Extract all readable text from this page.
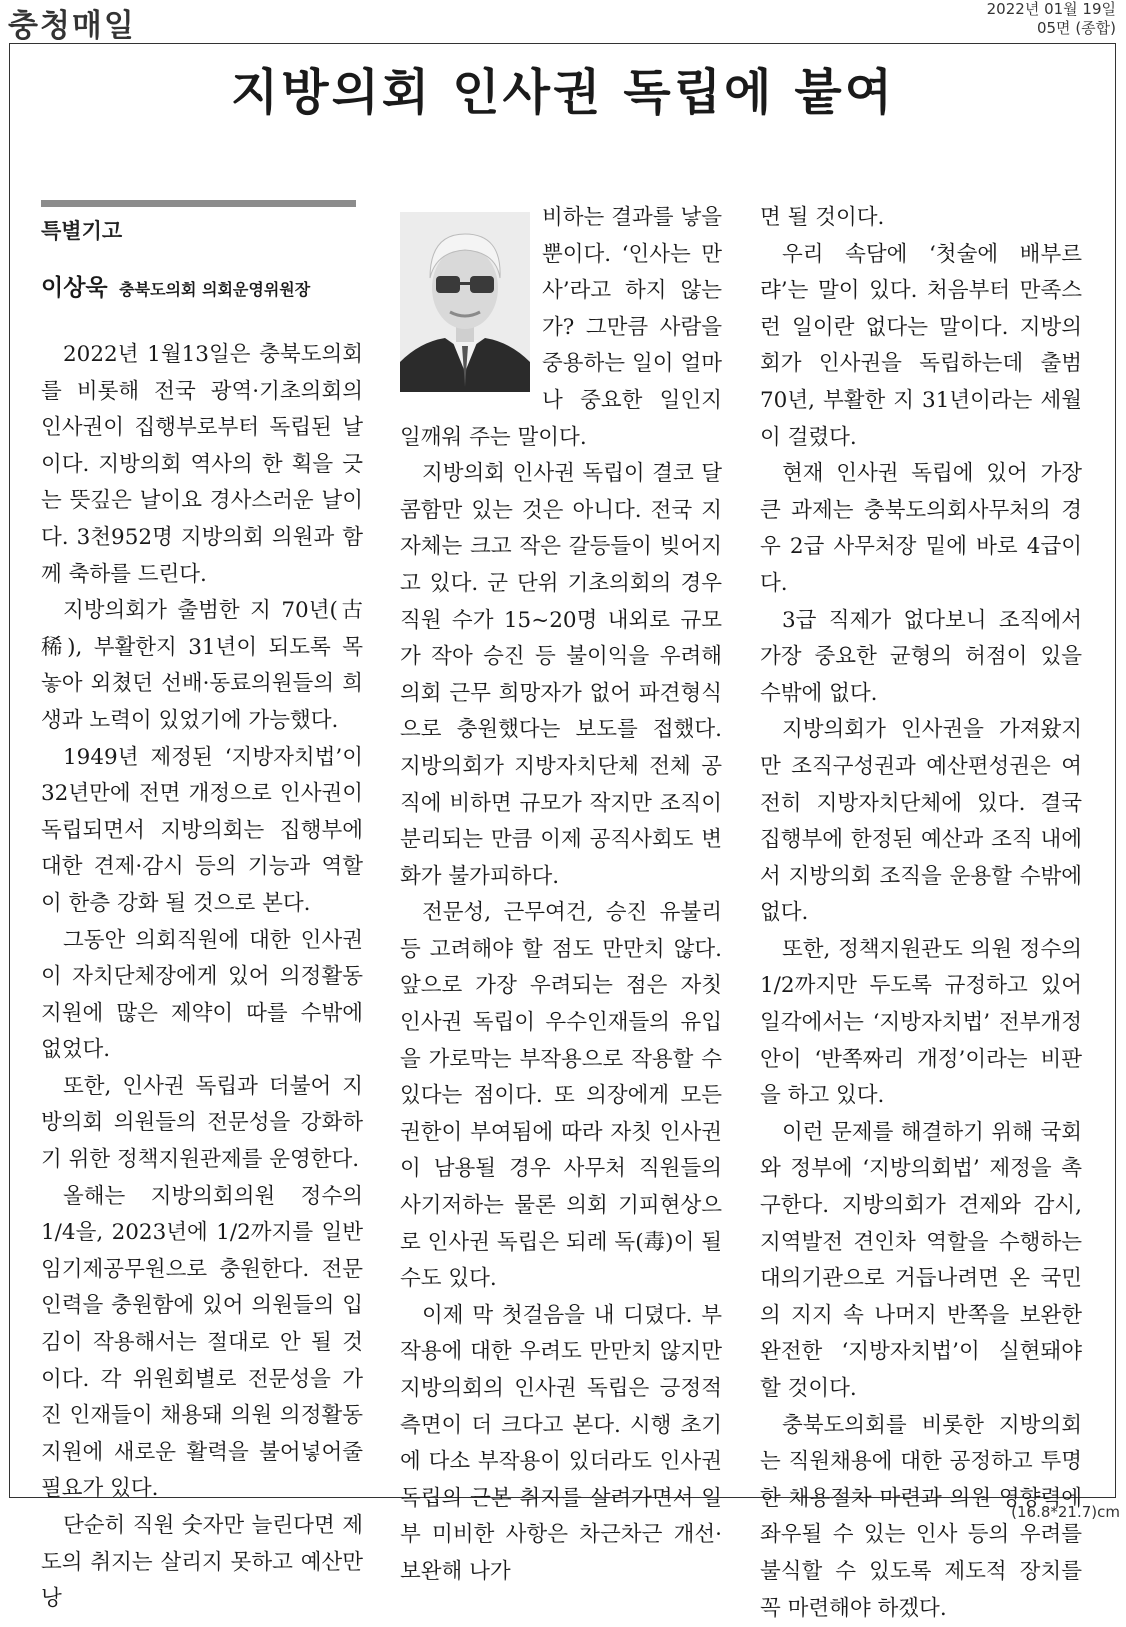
충청매일	2022년 01월 19일
05면 (종합)
지방의회 인사권 독립에 붙여
특별기고
이상욱 충북도의회 의회운영위원장

2022년 1월13일은 충북도의회를 비롯해 전국 광역·기초의회의 인사권이 집행부로부터 독립된 날이다. 지방의회 역사의 한 획을 긋는 뜻깊은 날이요 경사스러운 날이다. 3천952명 지방의회 의원과 함께 축하를 드린다.

지방의회가 출범한 지 70년(古稀), 부활한지 31년이 되도록 목 놓아 외쳤던 선배·동료의원들의 희생과 노력이 있었기에 가능했다.

1949년 제정된 ‘지방자치법’이 32년만에 전면 개정으로 인사권이 독립되면서 지방의회는 집행부에 대한 견제·감시 등의 기능과 역할이 한층 강화 될 것으로 본다.

그동안 의회직원에 대한 인사권이 자치단체장에게 있어 의정활동 지원에 많은 제약이 따를 수밖에 없었다.

또한, 인사권 독립과 더불어 지방의회 의원들의 전문성을 강화하기 위한 정책지원관제를 운영한다.

올해는 지방의회의원 정수의 1/4을, 2023년에 1/2까지를 일반 임기제공무원으로 충원한다. 전문인력을 충원함에 있어 의원들의 입김이 작용해서는 절대로 안 될 것이다. 각 위원회별로 전문성을 가진 인재들이 채용돼 의원 의정활동 지원에 새로운 활력을 불어넣어줄 필요가 있다.

단순히 직원 숫자만 늘린다면 제도의 취지는 살리지 못하고 예산만 낭

비하는 결과를 낳을 뿐이다. ‘인사는 만사’라고 하지 않는가? 그만큼 사람을 중용하는 일이 얼마나 중요한 일인지 일깨워 주는 말이다.

지방의회 인사권 독립이 결코 달콤함만 있는 것은 아니다. 전국 지자체는 크고 작은 갈등들이 빚어지고 있다. 군 단위 기초의회의 경우 직원 수가 15~20명 내외로 규모가 작아 승진 등 불이익을 우려해 의회 근무 희망자가 없어 파견형식으로 충원했다는 보도를 접했다. 지방의회가 지방자치단체 전체 공직에 비하면 규모가 작지만 조직이 분리되는 만큼 이제 공직사회도 변화가 불가피하다.

전문성, 근무여건, 승진 유불리 등 고려해야 할 점도 만만치 않다. 앞으로 가장 우려되는 점은 자칫 인사권 독립이 우수인재들의 유입을 가로막는 부작용으로 작용할 수 있다는 점이다. 또 의장에게 모든 권한이 부여됨에 따라 자칫 인사권이 남용될 경우 사무처 직원들의 사기저하는 물론 의회 기피현상으로 인사권 독립은 되레 독(毒)이 될 수도 있다.

이제 막 첫걸음을 내 디뎠다. 부작용에 대한 우려도 만만치 않지만 지방의회의 인사권 독립은 긍정적 측면이 더 크다고 본다. 시행 초기에 다소 부작용이 있더라도 인사권 독립의 근본 취지를 살려가면서 일부 미비한 사항은 차근차근 개선·보완해 나가

면 될 것이다.

우리 속담에 ‘첫술에 배부르랴’는 말이 있다. 처음부터 만족스런 일이란 없다는 말이다. 지방의회가 인사권을 독립하는데 출범 70년, 부활한 지 31년이라는 세월이 걸렸다.

현재 인사권 독립에 있어 가장 큰 과제는 충북도의회사무처의 경우 2급 사무처장 밑에 바로 4급이다.

3급 직제가 없다보니 조직에서 가장 중요한 균형의 허점이 있을 수밖에 없다.

지방의회가 인사권을 가져왔지만 조직구성권과 예산편성권은 여전히 지방자치단체에 있다. 결국 집행부에 한정된 예산과 조직 내에서 지방의회 조직을 운용할 수밖에 없다.

또한, 정책지원관도 의원 정수의 1/2까지만 두도록 규정하고 있어 일각에서는 ‘지방자치법’ 전부개정안이 ‘반쪽짜리 개정’이라는 비판을 하고 있다.

이런 문제를 해결하기 위해 국회와 정부에 ‘지방의회법’ 제정을 촉구한다. 지방의회가 견제와 감시, 지역발전 견인차 역할을 수행하는 대의기관으로 거듭나려면 온 국민의 지지 속 나머지 반쪽을 보완한 완전한 ‘지방자치법’이 실현돼야 할 것이다.

충북도의회를 비롯한 지방의회는 직원채용에 대한 공정하고 투명한 채용절차 마련과 의원 영향력에 좌우될 수 있는 인사 등의 우려를 불식할 수 있도록 제도적 장치를 꼭 마련해야 하겠다.

(16.8*21.7)cm
